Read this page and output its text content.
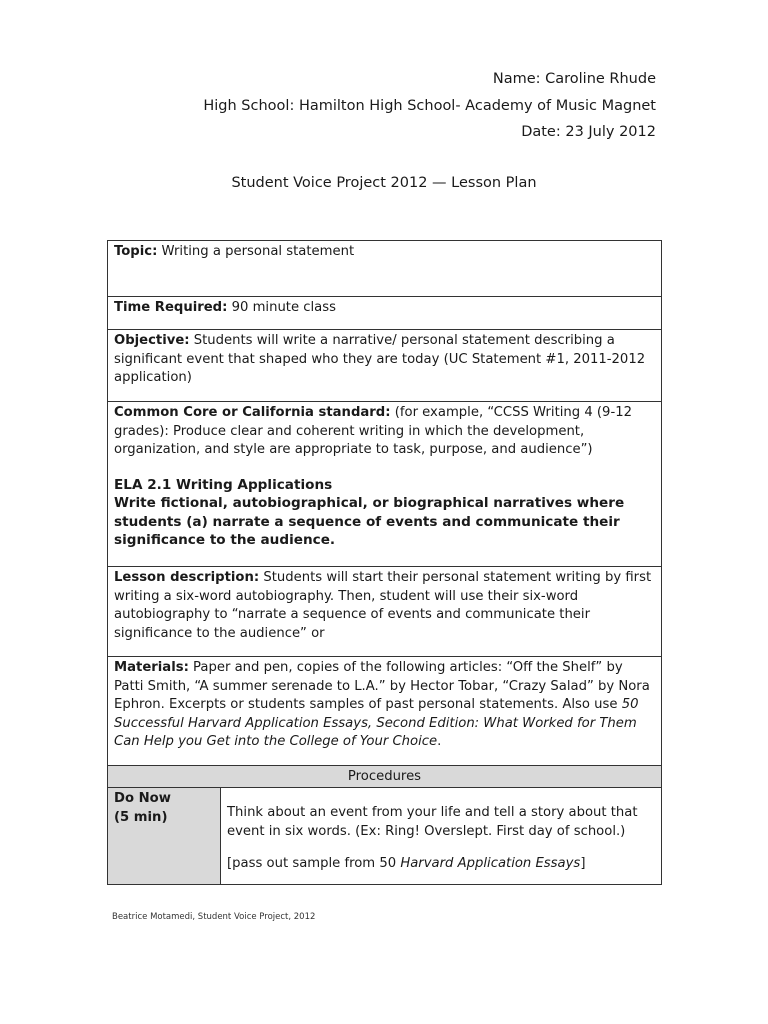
Name: Caroline Rhude
High School: Hamilton High School- Academy of Music Magnet
Date: 23 July 2012
Student Voice Project 2012 — Lesson Plan
Topic: Writing a personal statement
Time Required: 90 minute class
Objective: Students will write a narrative/ personal statement describing a significant event that shaped who they are today (UC Statement #1, 2011-2012 application)
Common Core or California standard: (for example, “CCSS Writing 4 (9-12 grades): Produce clear and coherent writing in which the development, organization, and style are appropriate to task, purpose, and audience”)
ELA 2.1 Writing Applications
Write fictional, autobiographical, or biographical narratives where students (a) narrate a sequence of events and communicate their significance to the audience.

Lesson description: Students will start their personal statement writing by first writing a six-word autobiography. Then, student will use their six-word autobiography to “narrate a sequence of events and communicate their significance to the audience” or
Materials: Paper and pen, copies of the following articles: “Off the Shelf” by Patti Smith, “A summer serenade to L.A.” by Hector Tobar, “Crazy Salad” by Nora Ephron. Excerpts or students samples of past personal statements. Also use 50 Successful Harvard Application Essays, Second Edition: What Worked for Them Can Help you Get into the College of Your Choice.
Procedures

Do Now
(5 min)	Think about an event from your life and tell a story about that event in six words. (Ex: Ring! Overslept. First day of school.)

[pass out sample from 50 Harvard Application Essays]

Beatrice Motamedi, Student Voice Project, 2012
